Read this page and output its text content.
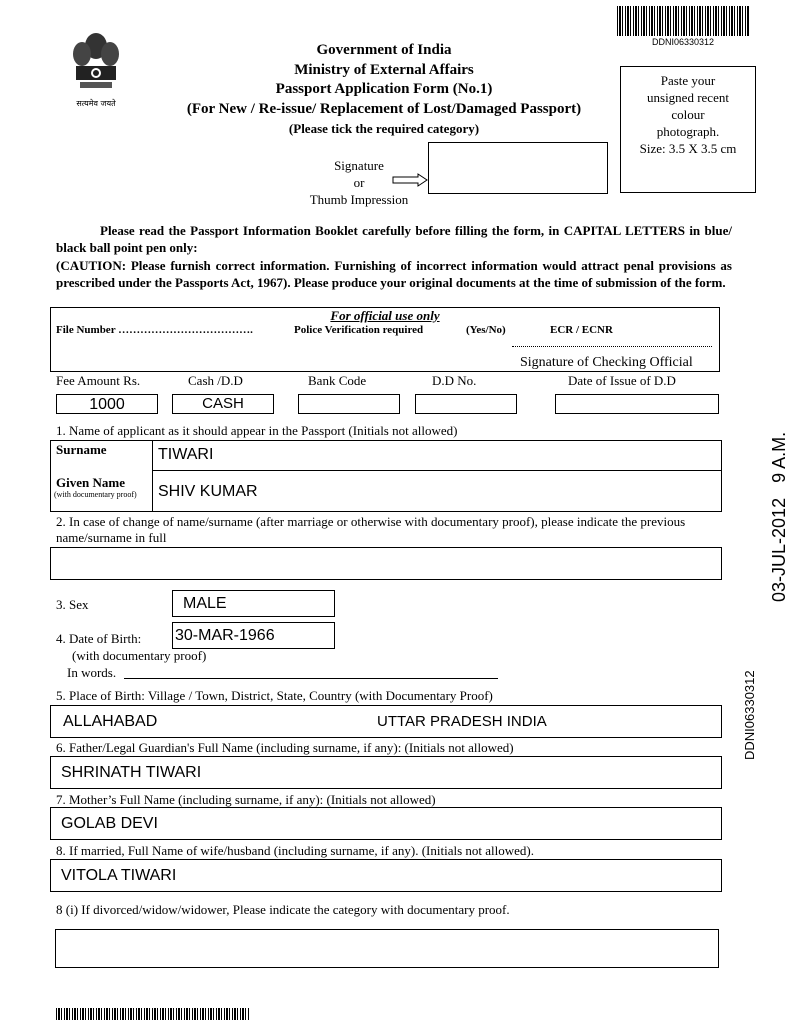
DDNI06330312
सत्यमेव जयते
Government of India
Ministry of External Affairs
Passport Application Form (No.1)
(For New / Re-issue/ Replacement of Lost/Damaged Passport)
(Please tick the required category)
Paste your
unsigned recent
colour
photograph.
Size: 3.5 X 3.5 cm
Signature
or
Thumb Impression
Please read the Passport Information Booklet carefully before filling the form, in CAPITAL LETTERS in blue/ black ball point pen only:
(CAUTION: Please furnish correct information. Furnishing of incorrect information would attract penal provisions as prescribed under the Passports Act, 1967). Please produce your original documents at the time of submission of the form.
For official use only
File Number ……………………………….	Police Verification required	(Yes/No)	ECR / ECNR
Signature of Checking Official
Fee Amount Rs.	Cash /D.D	Bank Code	D.D No.	Date of Issue of D.D
1000	CASH
1. Name of applicant as it should appear in the Passport (Initials not allowed)
Surname	TIWARI
Given Name
(with documentary proof)	SHIV KUMAR
2. In case of change of name/surname (after marriage or otherwise with documentary proof), please indicate the previous name/surname in full
3. Sex	MALE
4. Date of Birth: 30-MAR-1966
(with documentary proof)
In words.
5. Place of Birth: Village / Town, District, State, Country (with Documentary Proof)
ALLAHABAD	UTTAR PRADESH INDIA
6. Father/Legal Guardian's Full Name (including surname, if any): (Initials not allowed)
SHRINATH TIWARI
7. Mother’s Full Name (including surname, if any): (Initials not allowed)
GOLAB DEVI
8. If married, Full Name of wife/husband (including surname, if any). (Initials not allowed).
VITOLA TIWARI
8 (i) If divorced/widow/widower, Please indicate the category with documentary proof.

03-JUL-2012   9 A.M.

DDNI06330312
